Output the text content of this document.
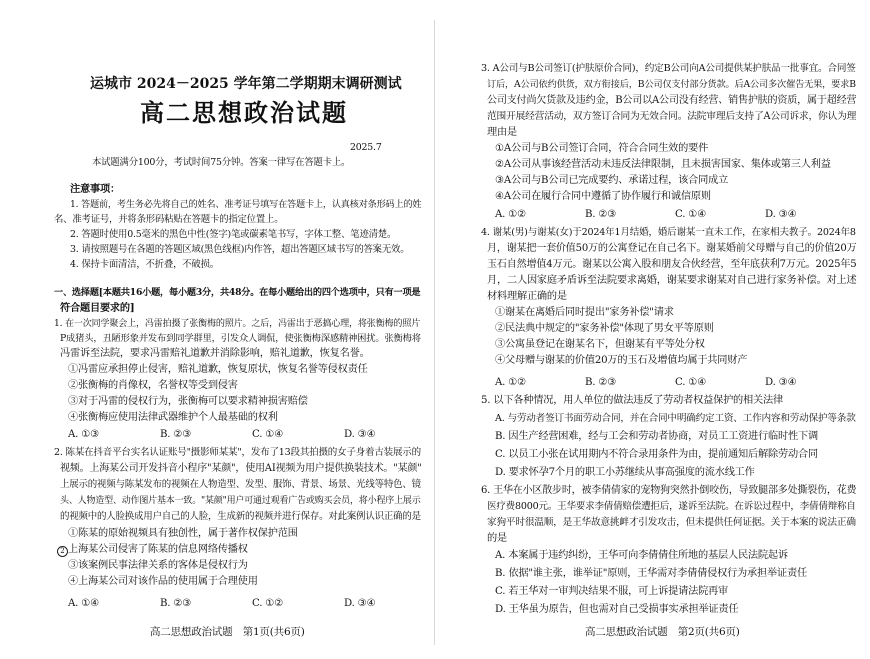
运城市 2024－2025 学年第二学期期末调研测试
高二思想政治试题
2025.7
本试题满分100分，考试时间75分钟。答案一律写在答题卡上。
注意事项：
1. 答题前，考生务必先将自己的姓名、准考证号填写在答题卡上，认真核对条形码上的姓
名、准考证号，并将条形码粘贴在答题卡的指定位置上。
2. 答题时使用0.5毫米的黑色中性(签字)笔或碳素笔书写，字体工整、笔迹清楚。
3. 请按照题号在各题的答题区域(黑色线框)内作答，超出答题区域书写的答案无效。
4. 保持卡面清洁，不折叠，不破损。
一、选择题[本题共16小题，每小题3分，共48分。在每小题给出的四个选项中，只有一项是
符合题目要求的]
1. 在一次同学聚会上，冯雷拍摄了张衡梅的照片。之后，冯雷出于恶搞心理，将张衡梅的照片
P成猪头，丑陋形象并发布到同学群里，引发众人调侃，使张衡梅深感精神困扰。张衡梅将
冯雷诉至法院，要求冯雷赔礼道歉并消除影响，赔礼道歉，恢复名誉。
①冯雷应承担停止侵害，赔礼道歉，恢复原状，恢复名誉等侵权责任
②张衡梅的肖像权，名誉权等受到侵害
③对于冯雷的侵权行为，张衡梅可以要求精神损害赔偿
④张衡梅应使用法律武器维护个人最基础的权利
A. ①③	B. ②③	C. ①④	D. ③④
2. 陈某在抖音平台实名认证账号"摄影师某某"，发布了13段其拍摄的女子身着古装展示的
视频。上海某公司开发抖音小程序"某颜"，使用AI视频为用户提供换装技术。"某颜"
上展示的视频与陈某发布的视频在人物造型、发型、服饰、背景、场景、光线等特色、镜
头、人物造型、动作图片基本一致。"某颜"用户可通过观看广告或购买会员，将小程序上展示
的视频中的人脸换成用户自己的人脸，生成新的视频并进行保存。对此案例认识正确的是
①陈某的原始视频具有独创性，属于著作权保护范围
2 上海某公司侵害了陈某的信息网络传播权
③该案例民事法律关系的客体是侵权行为
④上海某公司对该作品的使用属于合理使用
A. ①④	B. ②③	C. ①②	D. ③④
高二思想政治试题　第1页(共6页)
3. A公司与B公司签订(护肤原价合同)，约定B公司向A公司提供某护肤品一批事宜。合同签
订后，A公司依约供货，双方衔接后，B公司仅支付部分货款。后A公司多次催告无果，要求B
公司支付尚欠货款及违约金，B公司以A公司没有经营、销售护肤的资质，属于超经营
范围开展经营活动，双方签订合同为无效合同。法院审理后支持了A公司诉求，你认为理
理由是
①A公司与B公司签订合同，符合合同生效的要件
②A公司从事该经营活动未违反法律限制，且未损害国家、集体或第三人利益
③A公司与B公司已完成要约、承诺过程，该合同成立
④A公司在履行合同中遵循了协作履行和诚信原则
A. ①②	B. ②③	C. ①④	D. ③④
4. 谢某(男)与谢某(女)于2024年1月结婚，婚后谢某一直未工作，在家相夫教子。2024年8
月，谢某把一套价值50万的公寓登记在自己名下。谢某婚前父母赠与自己的价值20万
玉石自然增值4万元。谢某以公寓入股和朋友合伙经营，至年底获利7万元。2025年5
月，二人因家庭矛盾诉至法院要求离婚，谢某要求谢某对自己进行家务补偿。对上述
材料理解正确的是
①谢某在离婚后同时提出"家务补偿"请求
②民法典中规定的"家务补偿"体现了男女平等原则
③公寓虽登记在谢某名下，但谢某有平等处分权
④父母赠与谢某的价值20万的玉石及增值均属于共同财产
A. ①②	B. ②③	C. ①④	D. ③④
5. 以下各种情况，用人单位的做法违反了劳动者权益保护的相关法律
A. 与劳动者签订书面劳动合同，并在合同中明确约定工资、工作内容和劳动保护等条款
B. 因生产经营困难，经与工会和劳动者协商，对员工工资进行临时性下调
C. 以员工小张在试用期内不符合录用条件为由，提前通知后解除劳动合同
D. 要求怀孕7个月的职工小苏继续从事高强度的流水线工作
6. 王华在小区散步时，被李倩倩家的宠物狗突然扑倒咬伤，导致腿部多处撕裂伤，花费
医疗费8000元。王华要求李倩倩赔偿遭拒后，遂诉至法院。在诉讼过程中，李倩倩辩称自
家狗平时很温顺，是王华故意挑衅才引发攻击，但未提供任何证据。关于本案的说法正确
的是
A. 本案属于违约纠纷，王华可向李倩倩住所地的基层人民法院起诉
B. 依据"谁主张，谁举证"原则，王华需对李倩倩侵权行为承担举证责任
C. 若王华对一审判决结果不服，可上诉提请法院再审
D. 王华虽为原告，但也需对自己受损事实承担举证责任
高二思想政治试题　第2页(共6页)
